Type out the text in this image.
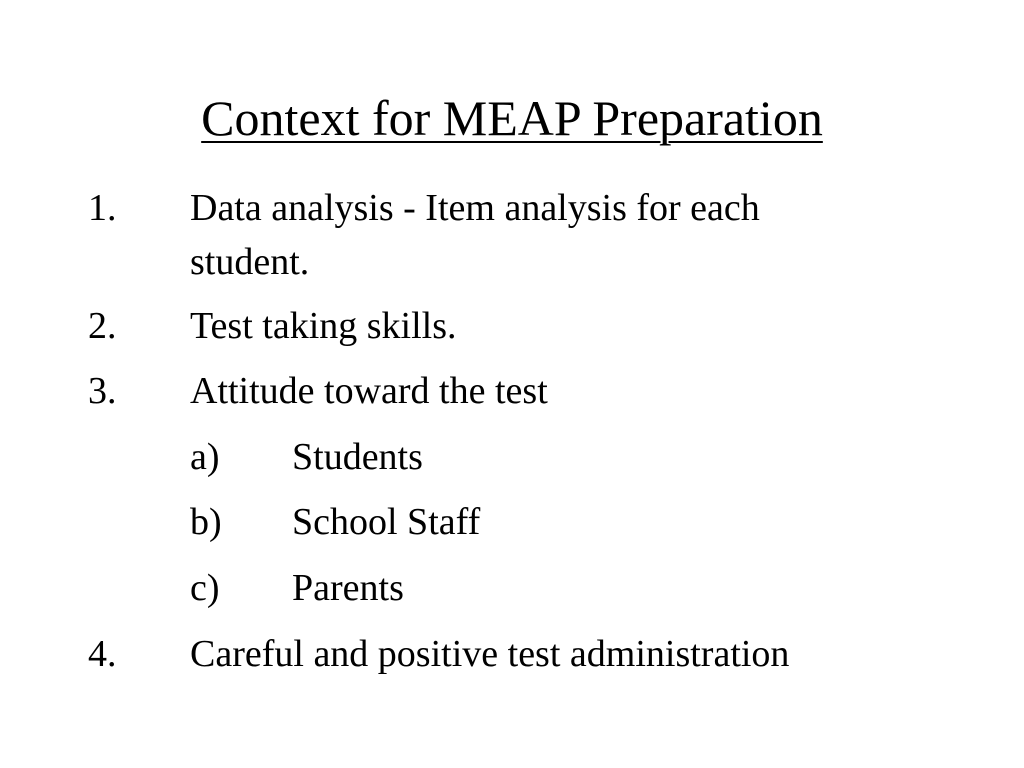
Context for MEAP Preparation
1. Data analysis - Item analysis for each
student.
2. Test taking skills.
3. Attitude toward the test
a) Students
b) School Staff
c) Parents
4. Careful and positive test administration
